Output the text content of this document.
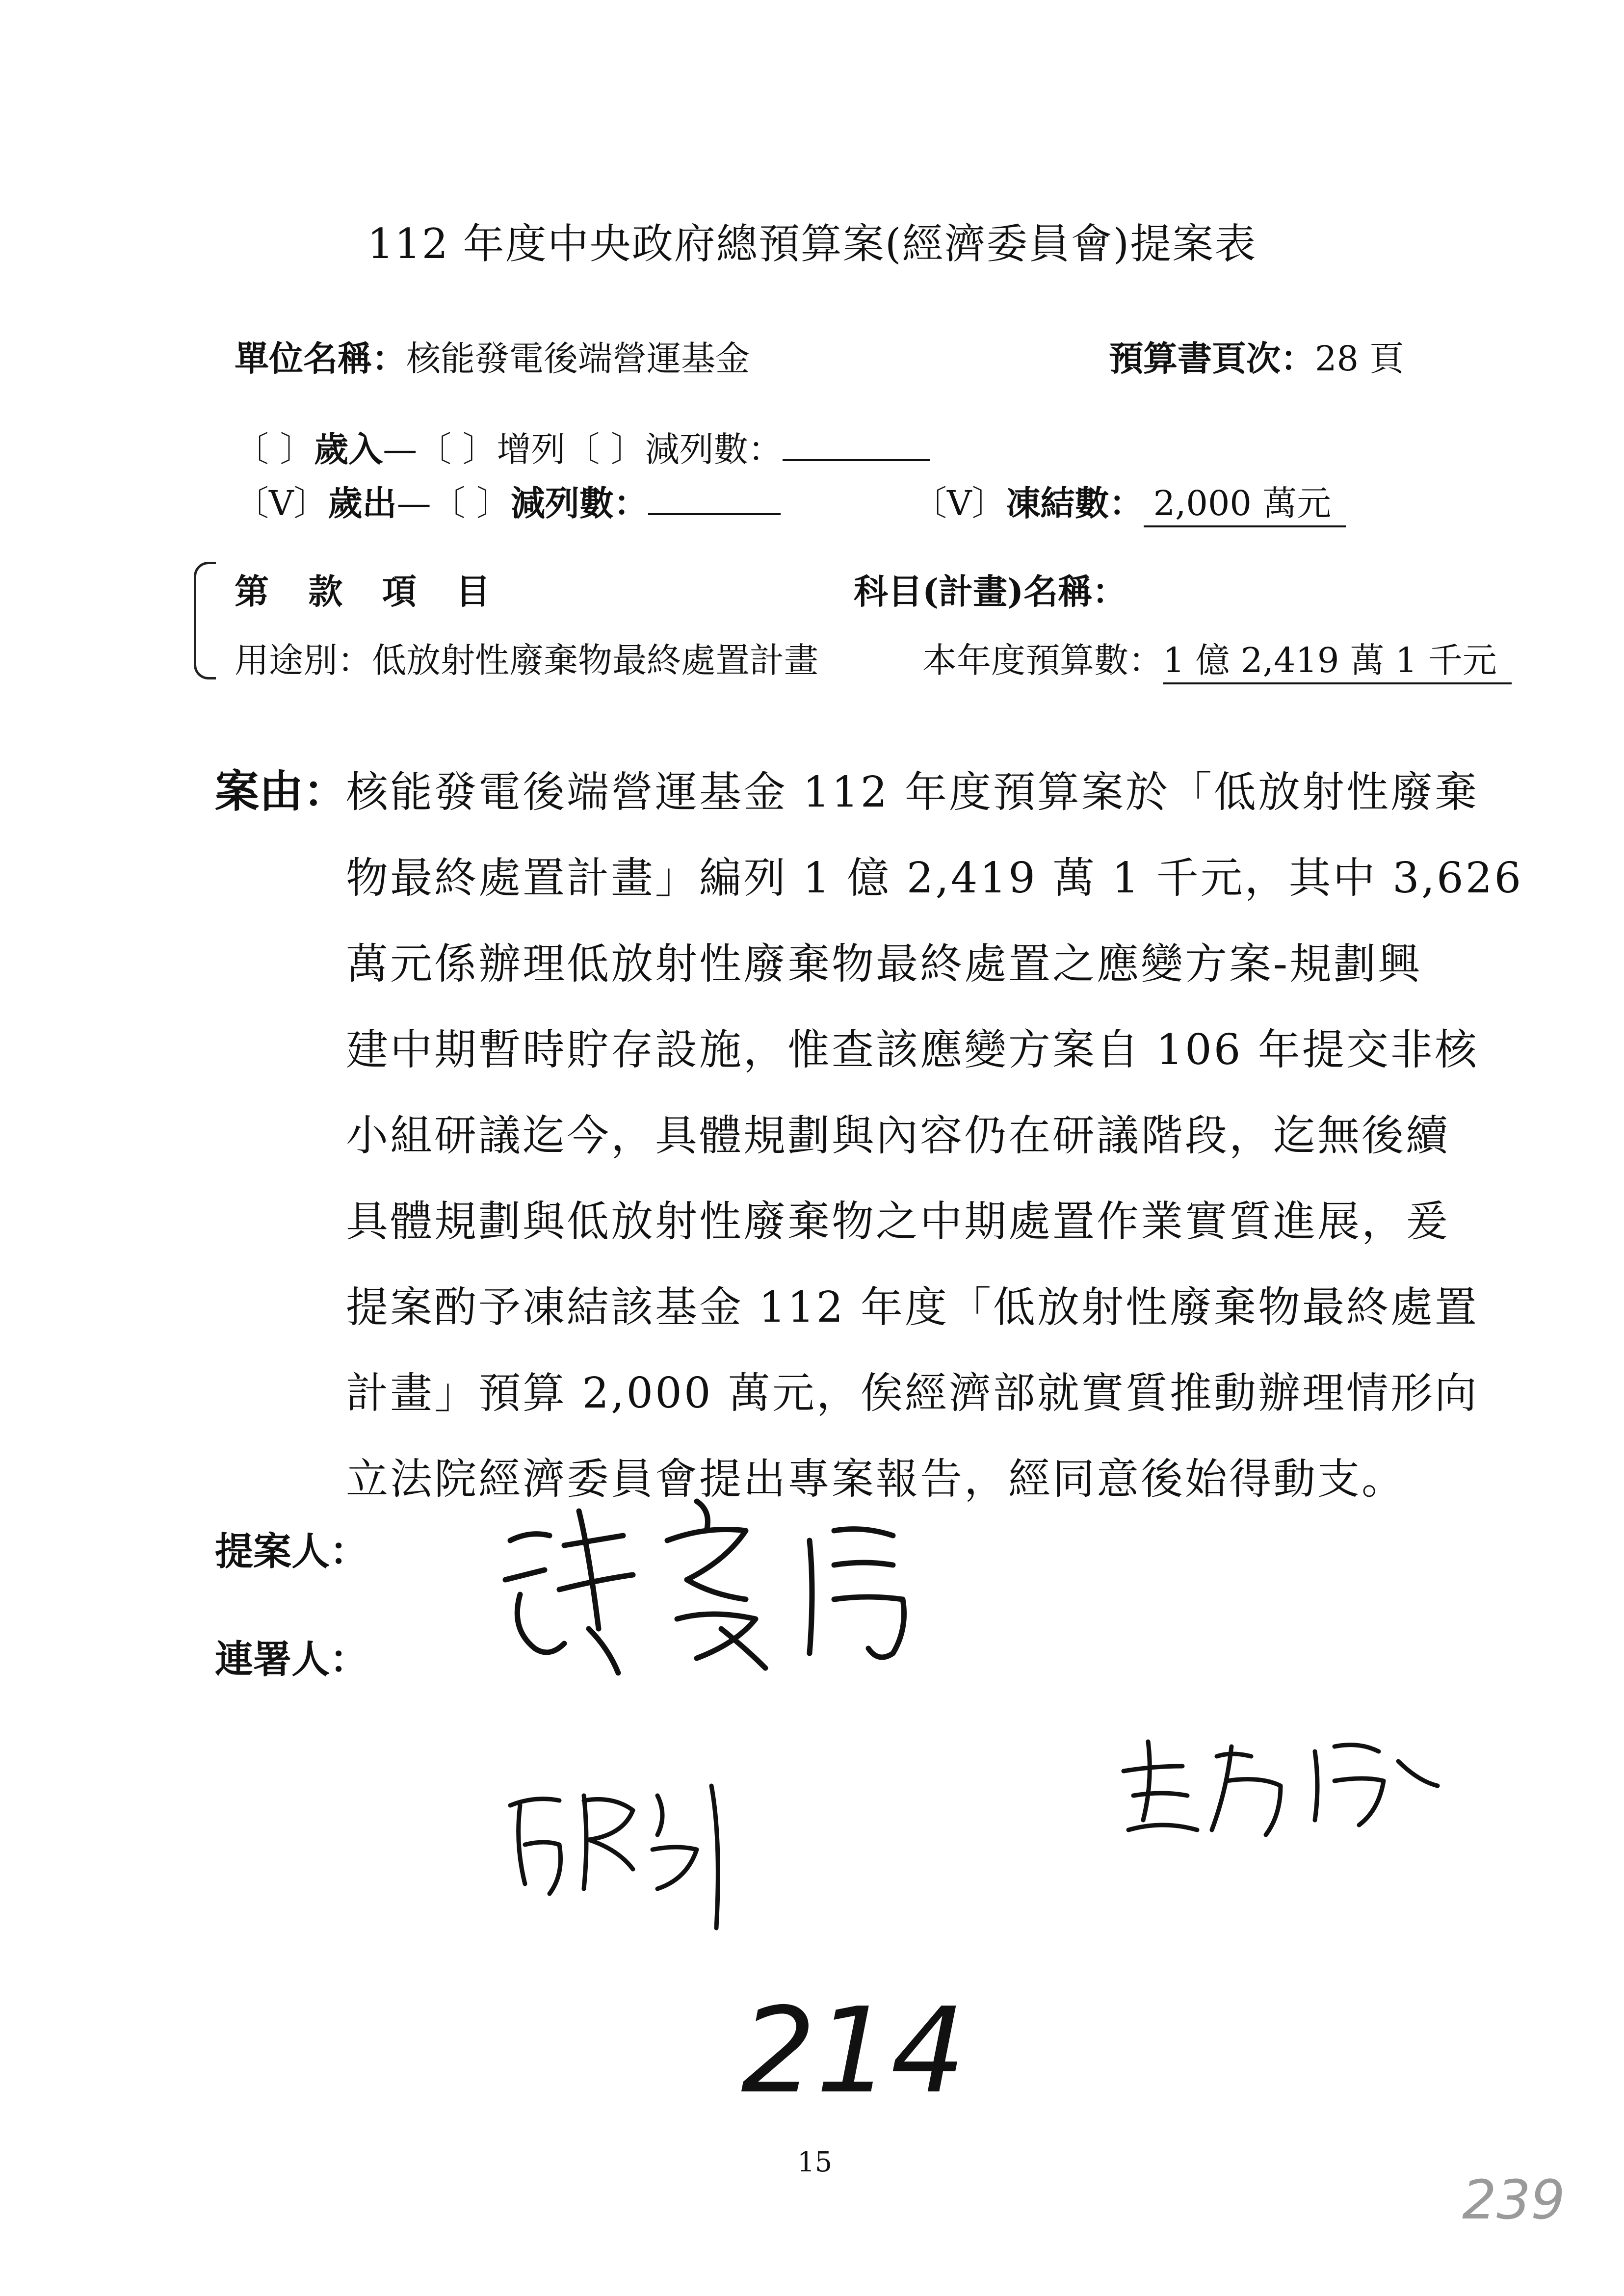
112 年度中央政府總預算案(經濟委員會)提案表
單位名稱：核能發電後端營運基金	預算書頁次：28 頁
〔 〕歲入—〔 〕增列〔 〕減列數：
〔V〕歲出—〔 〕減列數：	〔V〕凍結數： 2,000 萬元
第 款 項 目	科目(計畫)名稱：
用途別：低放射性廢棄物最終處置計畫	本年度預算數：1 億 2,419 萬 1 千元
案由：
核能發電後端營運基金 112 年度預算案於「低放射性廢棄
物最終處置計畫」編列 1 億 2,419 萬 1 千元，其中 3,626
萬元係辦理低放射性廢棄物最終處置之應變方案-規劃興
建中期暫時貯存設施，惟查該應變方案自 106 年提交非核
小組研議迄今，具體規劃與內容仍在研議階段，迄無後續
具體規劃與低放射性廢棄物之中期處置作業實質進展，爰
提案酌予凍結該基金 112 年度「低放射性廢棄物最終處置
計畫」預算 2,000 萬元，俟經濟部就實質推動辦理情形向
立法院經濟委員會提出專案報告，經同意後始得動支。
提案人：
連署人：
214
15
239
